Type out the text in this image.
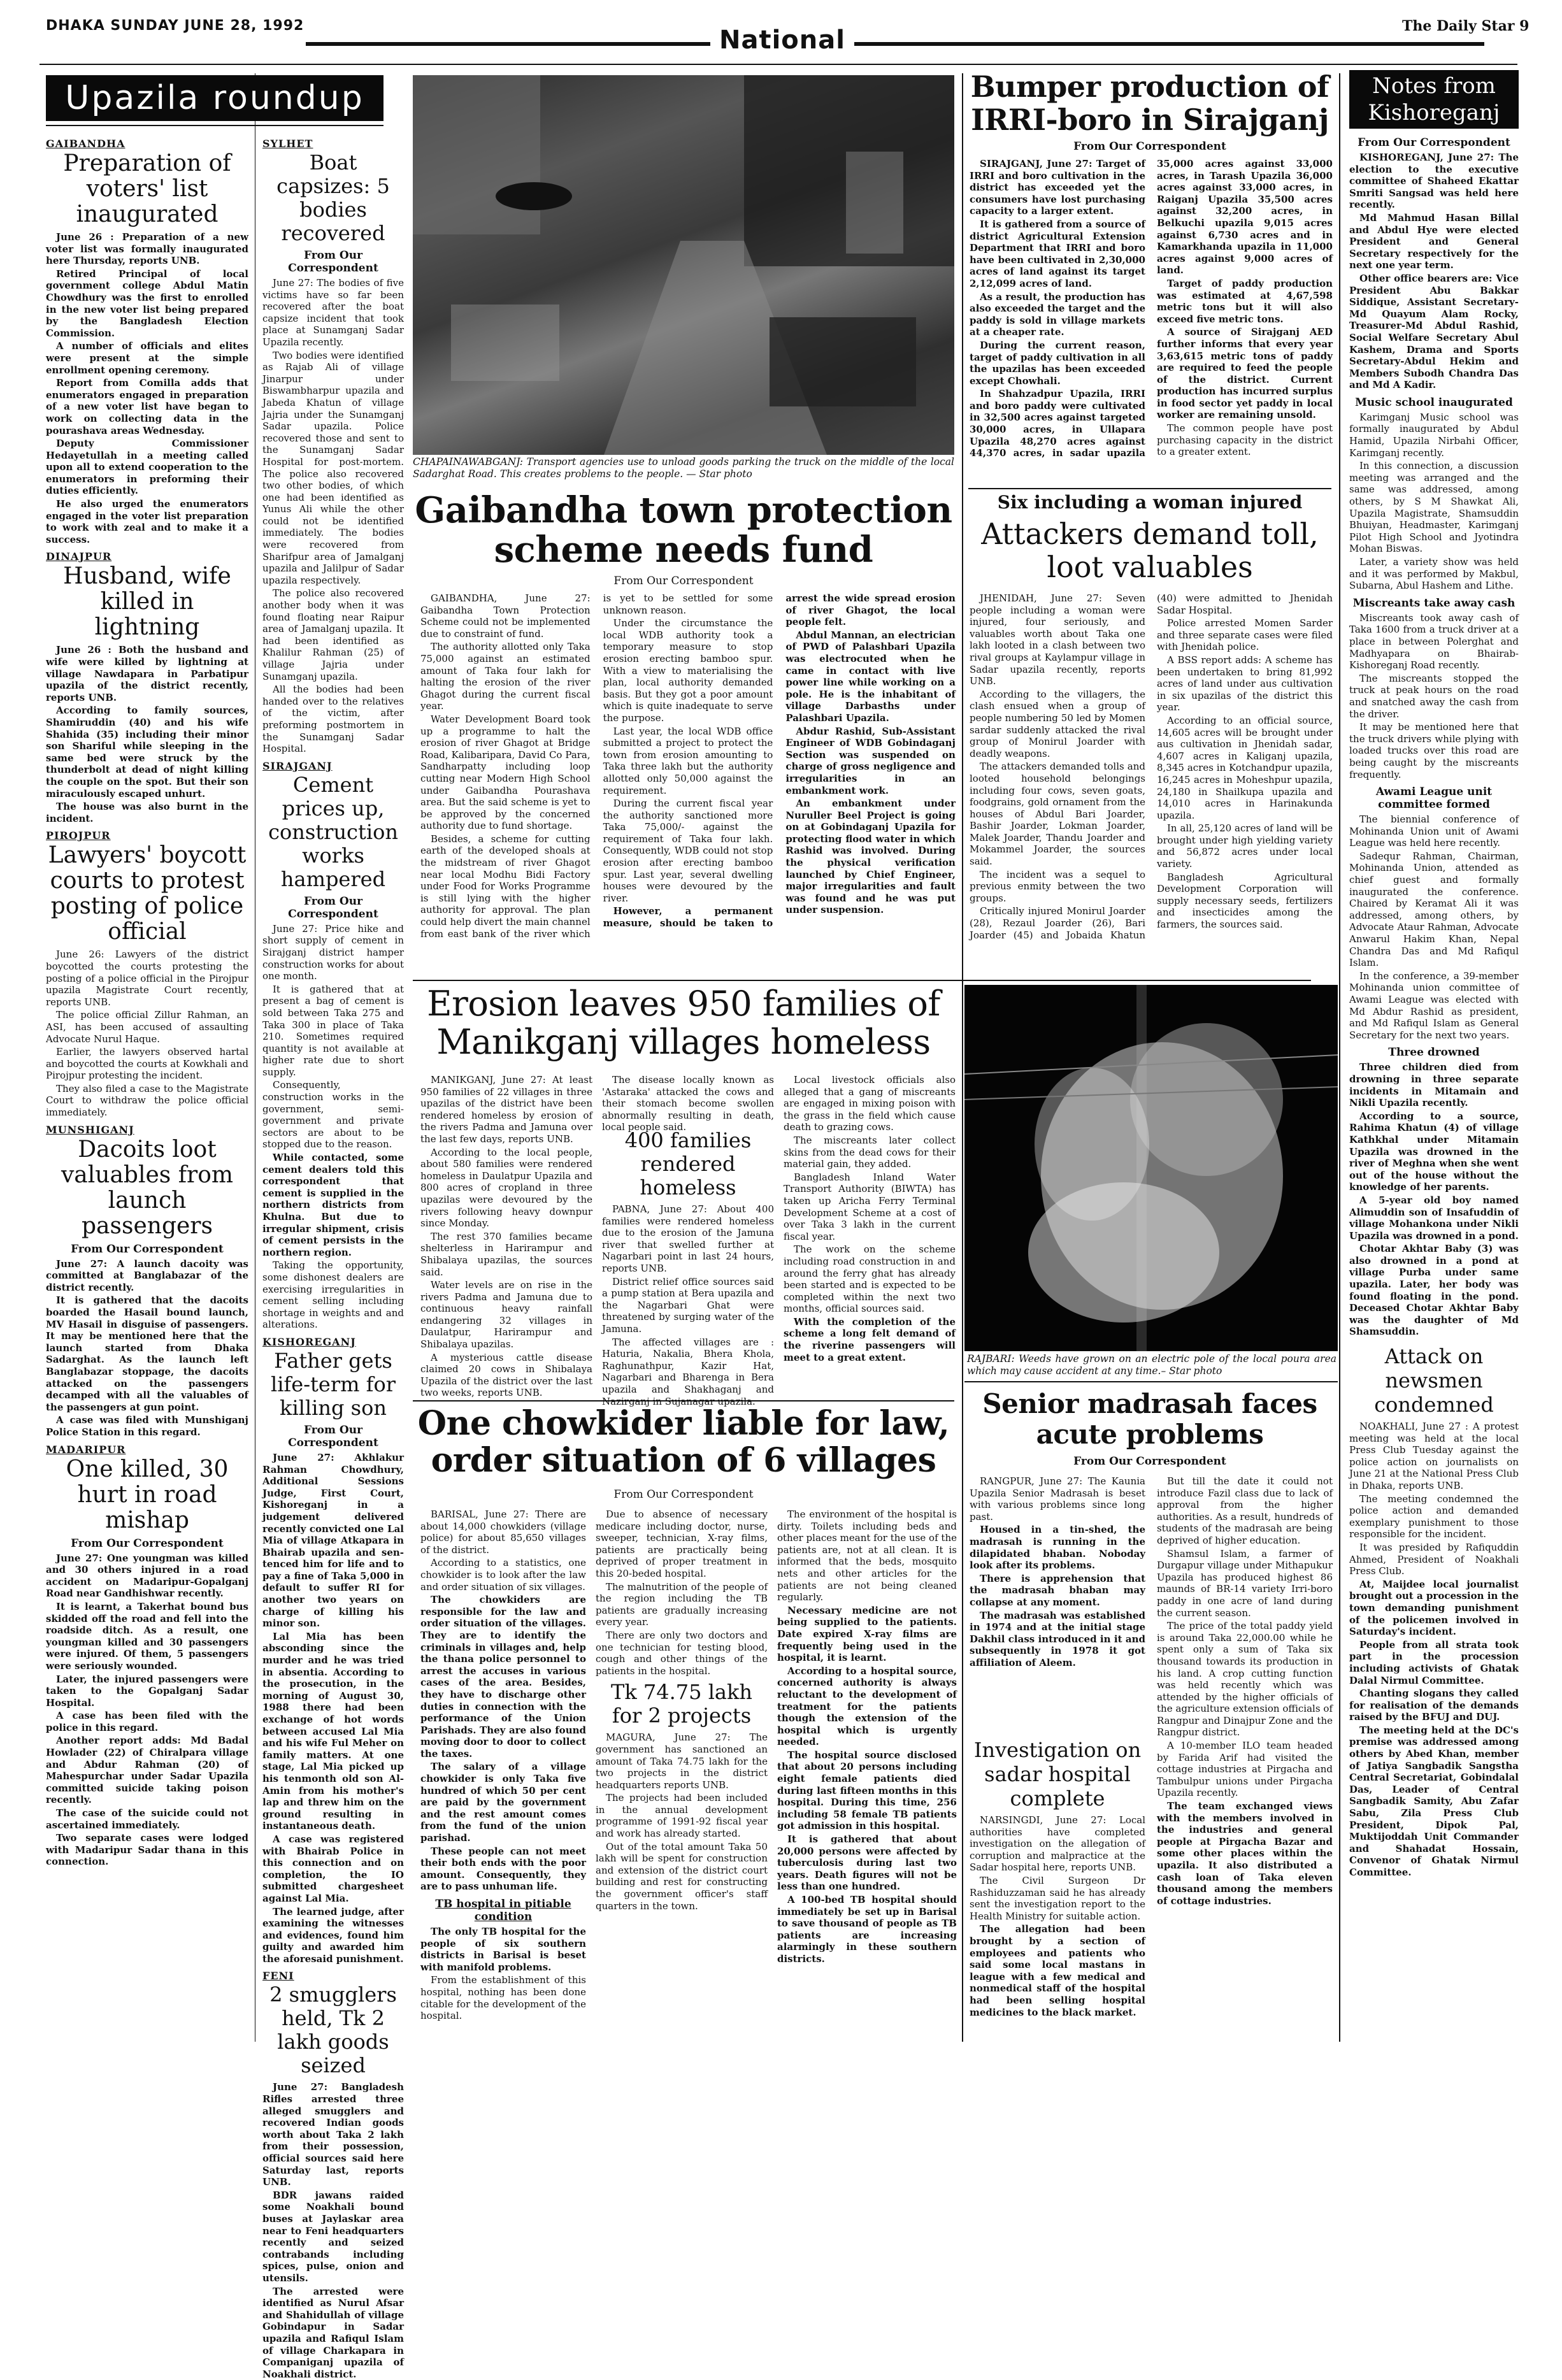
DHAKA SUNDAY JUNE 28, 1992	National	The Daily Star 9
Upazila roundup
GAIBANDHA
Preparation of voters' list inaugurated

June 26 : Preparation of a new voter list was formally inaugurated here Thursday, reports UNB.

Retired Principal of local government college Abdul Matin Chowdhury was the first to enrolled in the new voter list being prepared by the Bangladesh Election Commission.

A number of officials and elites were present at the simple enrollment opening ceremony.

Report from Comilla adds that enumerators engaged in preparation of a new voter list have began to work on collecting data in the pourashava areas Wednesday.

Deputy Commissioner Hedayetullah in a meeting called upon all to extend cooperation to the enumerators in preforming their duties efficiently.

He also urged the enumerators engaged in the voter list preparation to work with zeal and to make it a success.

DINAJPUR
Husband, wife killed in lightning

June 26 : Both the husband and wife were killed by lightning at village Nawdapara in Parbatipur upazila of the district recently, reports UNB.

According to family sources, Shamiruddin (40) and his wife Shahida (35) including their minor son Shariful while sleeping in the same bed were struck by the thunderbolt at dead of night killing the couple on the spot. But their son miraculously escaped unhurt.

The house was also burnt in the incident.

PIROJPUR
Lawyers' boycott courts to protest posting of police official

June 26: Lawyers of the district boycotted the courts protesting the posting of a police official in the Pirojpur upazila Magistrate Court recently, reports UNB.

The police official Zillur Rahman, an ASI, has been accused of assaulting Advocate Nurul Haque.

Earlier, the lawyers observed hartal and boycotted the courts at Kowkhali and Pirojpur protesting the incident.

They also filed a case to the Magistrate Court to withdraw the police official immediately.

MUNSHIGANJ
Dacoits loot valuables from launch passengers
From Our Correspondent

June 27: A launch dacoity was committed at Banglabazar of the district recently.

It is gathered that the dacoits boarded the Hasail bound launch, MV Hasail in disguise of passengers. It may be mentioned here that the launch started from Dhaka Sadarghat. As the launch left Banglabazar stoppage, the dacoits attacked on the passengers decamped with all the valuables of the passengers at gun point.

A case was filed with Munshiganj Police Station in this regard.

MADARIPUR
One killed, 30 hurt in road mishap
From Our Correspondent

June 27: One youngman was killed and 30 others injured in a road accident on Madaripur-Gopalganj Road near Gandhishwar recently.

It is learnt, a Takerhat bound bus skidded off the road and fell into the roadside ditch. As a result, one youngman killed and 30 passengers were injured. Of them, 5 passengers were seriously wounded.

Later, the injured passengers were taken to the Gopalganj Sadar Hospital.

A case has been filed with the police in this regard.

Another report adds: Md Badal Howlader (22) of Chiralpara village and Abdur Rahman (20) of Mahespurchar under Sadar Upazila committed suicide taking poison recently.

The case of the suicide could not ascertained immediately.

Two separate cases were lodged with Madaripur Sadar thana in this connection.

SYLHET
Boat capsizes: 5 bodies recovered
From Our Correspondent

June 27: The bodies of five victims have so far been recovered after the boat capsize incident that took place at Sunamganj Sadar Upazila recently.

Two bodies were identified as Rajab Ali of village Jinarpur under Biswambharpur upazila and Jabeda Khatun of village Jajria under the Sunamganj Sadar upazila. Police recovered those and sent to the Sunamganj Sadar Hospital for post-mortem. The police also recovered two other bodies, of which one had been identified as Yunus Ali while the other could not be identified immediately. The bodies were recovered from Sharifpur area of Jamalganj upazila and Jalilpur of Sadar upazila respectively.

The police also recovered another body when it was found floating near Raipur area of Jamalganj upazila. It had been identified as Khalilur Rahman (25) of village Jajria under Sunamganj upazila.

All the bodies had been handed over to the relatives of the victim, after preforming postmortem in the Sunamganj Sadar Hospital.

SIRAJGANJ
Cement prices up, construction works hampered
From Our Correspondent

June 27: Price hike and short supply of cement in Sirajganj district hamper construction works for about one month.

It is gathered that at present a bag of cement is sold between Taka 275 and Taka 300 in place of Taka 210. Sometimes required quantity is not available at higher rate due to short supply.

Consequently, construction works in the government, semi-government and private sectors are about to be stopped due to the reason.

While contacted, some cement dealers told this correspondent that cement is supplied in the northern districts from Khulna. But due to irregular shipment, crisis of cement persists in the northern region.

Taking the opportunity, some dishonest dealers are exercising irregularities in cement selling including shortage in weights and and alterations.

KISHOREGANJ
Father gets life-term for killing son
From Our Correspondent

June 27: Akhlakur Rahman Chowdhury, Additional Sessions Judge, First Court, Kishoreganj in a judgement delivered recently convicted one Lal Mia of village Atkapara in Bhairab upazila and sen-tenced him for life and to pay a fine of Taka 5,000 in default to suffer RI for another two years on charge of killing his minor son.

Lal Mia has been absconding since the murder and he was tried in absentia. According to the prosecution, in the morning of August 30, 1988 there had been exchange of hot words between accused Lal Mia and his wife Ful Meher on family matters. At one stage, Lal Mia picked up his tenmonth old son Al-Amin from his mother's lap and threw him on the ground resulting in instantaneous death.

A case was registered with Bhairab Police in this connection and on completion, the IO submitted chargesheet against Lal Mia.

The learned judge, after examining the witnesses and evidences, found him guilty and awarded him the aforesaid punishment.

FENI
2 smugglers held, Tk 2 lakh goods seized

June 27: Bangladesh Rifles arrested three alleged smugglers and recovered Indian goods worth about Taka 2 lakh from their possession, official sources said here Saturday last, reports UNB.

BDR jawans raided some Noakhali bound buses at Jaylaskar area near to Feni headquarters recently and seized contrabands including spices, pulse, onion and utensils.

The arrested were identified as Nurul Afsar and Shahidullah of village Gobindapur in Sadar upazila and Rafiqul Islam of village Charkapara in Companiganj upazila of Noakhali district.

CHAPAINAWABGANJ: Transport agencies use to unload goods parking the truck on the middle of the local Sadarghat Road. This creates problems to the people. — Star photo
Gaibandha town protection scheme needs fund
From Our Correspondent

GAIBANDHA, June 27: Gaibandha Town Protection Scheme could not be implemented due to constraint of fund.

The authority allotted only Taka 75,000 against an estimated amount of Taka four lakh for halting the erosion of the river Ghagot during the current fiscal year.

Water Development Board took up a programme to halt the erosion of river Ghagot at Bridge Road, Kalibaripara, David Co Para, Sandharpatty including loop cutting near Modern High School under Gaibandha Pourashava area. But the said scheme is yet to be approved by the concerned authority due to fund shortage.

Besides, a scheme for cutting earth of the developed shoals at the midstream of river Ghagot near local Modhu Bidi Factory under Food for Works Programme is still lying with the higher authority for approval. The plan could help divert the main channel from east bank of the river which is yet to be settled for some unknown reason.

Under the circumstance the local WDB authority took a temporary measure to stop erosion erecting bamboo spur. With a view to materialising the plan, local authority demanded basis. But they got a poor amount which is quite inadequate to serve the purpose.

Last year, the local WDB office submitted a project to protect the town from erosion amounting to Taka three lakh but the authority allotted only 50,000 against the requirement.

During the current fiscal year the authority sanctioned more Taka 75,000/- against the requirement of Taka four lakh. Consequently, WDB could not stop erosion after erecting bamboo spur. Last year, several dwelling houses were devoured by the river.

However, a permanent measure, should be taken to arrest the wide spread erosion of river Ghagot, the local people felt.

Abdul Mannan, an electrician of PWD of Palashbari Upazila was electrocuted when he came in contact with live power line while working on a pole. He is the inhabitant of village Darbasths under Palashbari Upazila.

Abdur Rashid, Sub-Assistant Engineer of WDB Gobindaganj Section was suspended on charge of gross negligence and irregularities in an embankment work.

An embankment under Nuruller Beel Project is going on at Gobindaganj Upazila for protecting flood water in which Rashid was involved. During the physical verification launched by Chief Engineer, major irregularities and fault was found and he was put under suspension.

Erosion leaves 950 families of Manikganj villages homeless

MANIKGANJ, June 27: At least 950 families of 22 villages in three upazilas of the district have been rendered homeless by erosion of the rivers Padma and Jamuna over the last few days, reports UNB.

According to the local people, about 580 families were rendered homeless in Daulatpur Upazila and 800 acres of cropland in three upazilas were devoured by the rivers following heavy downpur since Monday.

The rest 370 families became shelterless in Harirampur and Shibalaya upazilas, the sources said.

Water levels are on rise in the rivers Padma and Jamuna due to continuous heavy rainfall endangering 32 villages in Daulatpur, Harirampur and Shibalaya upazilas.

A mysterious cattle disease claimed 20 cows in Shibalaya Upazila of the district over the last two weeks, reports UNB.

The disease locally known as 'Astaraka' attacked the cows and their stomach become swollen abnormally resulting in death, local people said.

Local livestock officials also alleged that a gang of miscreants are engaged in mixing poison with the grass in the field which cause death to grazing cows.

The miscreants later collect skins from the dead cows for their material gain, they added.

Bangladesh Inland Water Transport Authority (BIWTA) has taken up Aricha Ferry Terminal Development Scheme at a cost of over Taka 3 lakh in the current fiscal year.

The work on the scheme including road construction in and around the ferry ghat has already been started and is expected to be completed within the next two months, official sources said.

With the completion of the scheme a long felt demand of the riverine passengers will meet to a great extent.

400 families rendered homeless

PABNA, June 27: About 400 families were rendered homeless due to the erosion of the Jamuna river that swelled further at Nagarbari point in last 24 hours, reports UNB.

District relief office sources said a pump station at Bera upazila and the Nagarbari Ghat were threatened by surging water of the Jamuna.

The affected villages are : Haturia, Nakalia, Bhera Khola, Raghunathpur, Kazir Hat, Nagarbari and Bharenga in Bera upazila and Shakhaganj and

One chowkider liable for law, order situation of 6 villages
From Our Correspondent

BARISAL, June 27: There are about 14,000 chowkiders (village police) for about 85,650 villages of the district.

According to a statistics, one chowkider is to look after the law and order situation of six villages.

The chowkiders are responsible for the law and order situation of the villages. They are to identify the criminals in villages and, help the thana police personnel to arrest the accuses in various cases of the area. Besides, they have to discharge other duties in connection with the performance of the Union Parishads. They are also found moving door to door to collect the taxes.

The salary of a village chowkider is only Taka five hundred of which 50 per cent are paid by the government and the rest amount comes from the fund of the union parishad.

These people can not meet their both ends with the poor amount. Consequently, they are to pass unhuman life.

TB hospital in pitiable condition

The only TB hospital for the people of six southern districts in Barisal is beset with manifold problems.

From the establishment of this hospital, nothing has been done citable for the development of the hospital.

Due to absence of necessary medicare including doctor, nurse, sweeper, technician, X-ray films, patients are practically being deprived of proper treatment in this 20-beded hospital.

The malnutrition of the people of the region including the TB patients are gradually increasing every year.

There are only two doctors and one technician for testing blood, cough and other things of the patients in the hospital.

Tk 74.75 lakh for 2 projects

MAGURA, June 27: The government has sanctioned an amount of Taka 74.75 lakh for the two projects in the district headquarters reports UNB.

The projects had been included in the annual development programme of 1991-92 fiscal year and work has already started.

Out of the total amount Taka 50 lakh will be spent for construction and extension of the district court building and rest for constructing the government officer's staff quarters in the town.

The environment of the hospital is dirty. Toilets including beds and other places meant for the use of the patients are, not at all clean. It is informed that the beds, mosquito nets and other articles for the patients are not being cleaned regularly.

Necessary medicine are not being supplied to the patients. Date expired X-ray films are frequently being used in the hospital, it is learnt.

According to a hospital source, concerned authority is always reluctant to the development of treatment for the patients though the extension of the hospital which is urgently needed.

The hospital source disclosed that about 20 persons including eight female patients died during last fifteen months in this hospital. During this time, 256 including 58 female TB patients got admission in this hospital.

It is gathered that about 20,000 persons were affected by tuberculosis during last two years. Death figures will not be less than one hundred.

A 100-bed TB hospital should immediately be set up in Barisal to save thousand of people as TB patients are increasing alarmingly in these southern districts.

Bumper production of IRRI-boro in Sirajganj
From Our Correspondent

SIRAJGANJ, June 27: Target of IRRI and boro cultivation in the district has exceeded yet the consumers have lost purchasing capacity to a larger extent.

It is gathered from a source of district Agricultural Extension Department that IRRI and boro have been cultivated in 2,30,000 acres of land against its target 2,12,099 acres of land.

As a result, the production has also exceeded the target and the paddy is sold in village markets at a cheaper rate.

During the current reason, target of paddy cultivation in all the upazilas has been exceeded except Chowhali.

In Shahzadpur Upazila, IRRI and boro paddy were cultivated in 32,500 acres against targeted 30,000 acres, in Ullapara Upazila 48,270 acres against 44,370 acres, in sadar upazila 35,000 acres against 33,000 acres, in Tarash Upazila 36,000 acres against 33,000 acres, in Raiganj Upazila 35,500 acres against 32,200 acres, in Belkuchi upazila 9,015 acres against 6,730 acres and in Kamarkhanda upazila in 11,000 acres against 9,000 acres of land.

Target of paddy production was estimated at 4,67,598 metric tons but it will also exceed five metric tons.

A source of Sirajganj AED further informs that every year 3,63,615 metric tons of paddy are required to feed the people of the district. Current production has incurred surplus in food sector yet paddy in local worker are remaining unsold.

The common people have post purchasing capacity in the district to a greater extent.

Six including a woman injured
Attackers demand toll, loot valuables

JHENIDAH, June 27: Seven people including a woman were injured, four seriously, and valuables worth about Taka one lakh looted in a clash between two rival groups at Kaylampur village in Sadar upazila recently, reports UNB.

According to the villagers, the clash ensued when a group of people numbering 50 led by Momen sardar suddenly attacked the rival group of Monirul Joarder with deadly weapons.

The attackers demanded tolls and looted household belongings including four cows, seven goats, foodgrains, gold ornament from the houses of Abdul Bari Joarder, Bashir Joarder, Lokman Joarder, Malek Joarder, Thandu Joarder and Mokammel Joarder, the sources said.

The incident was a sequel to previous enmity between the two groups.

Critically injured Monirul Joarder (28), Rezaul Joarder (26), Bari Joarder (45) and Jobaida Khatun (40) were admitted to Jhenidah Sadar Hospital.

Police arrested Momen Sarder and three separate cases were filed with Jhenidah police.

A BSS report adds: A scheme has been undertaken to bring 81,992 acres of land under aus cultivation in six upazilas of the district this year.

According to an official source, 14,605 acres will be brought under aus cultivation in Jhenidah sadar, 4,607 acres in Kaliganj upazila, 8,345 acres in Kotchandpur upazila, 16,245 acres in Moheshpur upazila, 24,180 in Shailkupa upazila and 14,010 acres in Harinakunda upazila.

In all, 25,120 acres of land will be brought under high yielding variety and 56,872 acres under local variety.

Bangladesh Agricultural Development Corporation will supply necessary seeds, fertilizers and insecticides among the farmers, the sources said.

RAJBARI: Weeds have grown on an electric pole of the local poura area which may cause accident at any time.– Star photo
Senior madrasah faces acute problems
From Our Correspondent

RANGPUR, June 27: The Kaunia Upazila Senior Madrasah is beset with various problems since long past.

Housed in a tin-shed, the madrasah is running in the dilapidated bhaban. Noboday look after its problems.

There is apprehension that the madrasah bhaban may collapse at any moment.

The madrasah was established in 1974 and at the initial stage Dakhil class introduced in it and subsequently in 1978 it got affiliation of Aleem.

But till the date it could not introduce Fazil class due to lack of approval from the higher authorities. As a result, hundreds of students of the madrasah are being deprived of higher education.

Shamsul Islam, a farmer of Durgapur village under Mithapukur Upazila has produced highest 86 maunds of BR-14 variety Irri-boro paddy in one acre of land during the current season.

The price of the total paddy yield is around Taka 22,000.00 while he spent only a sum of Taka six thousand towards its production in his land. A crop cutting function was held recently which was attended by the higher officials of the agriculture extension officials of Rangpur and Dinajpur Zone and the Rangpur district.

A 10-member ILO team headed by Farida Arif had visited the cottage industries at Pirgacha and Tambulpur unions under Pirgacha Upazila recently.

The team exchanged views with the members involved in the industries and general people at Pirgacha Bazar and some other places within the upazila. It also distributed a cash loan of Taka eleven thousand among the members of cottage industries.

Investigation on sadar hospital complete

NARSINGDI, June 27: Local authorities have completed investigation on the allegation of corruption and malpractice at the Sadar hospital here, reports UNB.

The Civil Surgeon Dr Rashiduzzaman said he has already sent the investigation report to the Health Ministry for suitable action.

The allegation had been brought by a section of employees and patients who said some local mastans in league with a few medical and nonmedical staff of the hospital had been selling hospital medicines to the black market.

Notes from Kishoreganj
From Our Correspondent

KISHOREGANJ, June 27: The election to the executive committee of Shaheed Ekattar Smriti Sangsad was held here recently.

Md Mahmud Hasan Billal and Abdul Hye were elected President and General Secretary respectively for the next one year term.

Other office bearers are: Vice President Abu Bakkar Siddique, Assistant Secretary-Md Quayum Alam Rocky, Treasurer-Md Abdul Rashid, Social Welfare Secretary Abul Kashem, Drama and Sports Secretary-Abdul Hekim and Members Subodh Chandra Das and Md A Kadir.

Music school inaugurated

Karimganj Music school was formally inaugurated by Abdul Hamid, Upazila Nirbahi Officer, Karimganj recently.

In this connection, a discussion meeting was arranged and the same was addressed, among others, by S M Shawkat Ali, Upazila Magistrate, Shamsuddin Bhuiyan, Headmaster, Karimganj Pilot High School and Jyotindra Mohan Biswas.

Later, a variety show was held and it was performed by Makbul, Subarna, Abul Hashem and Lithe.

Miscreants take away cash

Miscreants took away cash of Taka 1600 from a truck driver at a place in between Polerghat and Madhyapara on Bhairab-Kishoreganj Road recently.

The miscreants stopped the truck at peak hours on the road and snatched away the cash from the driver.

It may be mentioned here that the truck drivers while plying with loaded trucks over this road are being caught by the miscreants frequently.

Awami League unit committee formed

The biennial conference of Mohinanda Union unit of Awami League was held here recently.

Sadequr Rahman, Chairman, Mohinanda Union, attended as chief guest and formally inaugurated the conference. Chaired by Keramat Ali it was addressed, among others, by Advocate Ataur Rahman, Advocate Anwarul Hakim Khan, Nepal Chandra Das and Md Rafiqul Islam.

In the conference, a 39-member Mohinanda union committee of Awami League was elected with Md Abdur Rashid as president, and Md Rafiqul Islam as General Secretary for the next two years.

Three drowned

Three children died from drowning in three separate incidents in Mitamain and Nikli Upazila recently.

According to a source, Rahima Khatun (4) of village Kathkhal under Mitamain Upazila was drowned in the river of Meghna when she went out of the house without the knowledge of her parents.

A 5-year old boy named Alimuddin son of Insafuddin of village Mohankona under Nikli Upazila was drowned in a pond.

Chotar Akhtar Baby (3) was also drowned in a pond at village Purba under same upazila. Later, her body was found floating in the pond. Deceased Chotar Akhtar Baby was the daughter of Md Shamsuddin.

Attack on newsmen condemned

NOAKHALI, June 27 : A protest meeting was held at the local Press Club Tuesday against the police action on journalists on June 21 at the National Press Club in Dhaka, reports UNB.

The meeting condemned the police action and demanded exemplary punishment to those responsible for the incident.

It was presided by Rafiquddin Ahmed, President of Noakhali Press Club.

At, Maijdee local journalist brought out a procession in the town demanding punishment of the policemen involved in Saturday's incident.

People from all strata took part in the procession including activists of Ghatak Dalal Nirmul Committee.

Chanting slogans they called for realisation of the demands raised by the BFUJ and DUJ.

The meeting held at the DC's premise was addressed among others by Abed Khan, member of Jatiya Sangbadik Sangstha Central Secretariat, Gobindalal Das, Leader of Central Sangbadik Samity, Abu Zafar Sabu, Zila Press Club President, Dipok Pal, Muktijoddah Unit Commander and Shahadat Hossain, Convenor of Ghatak Nirmul Committee.
